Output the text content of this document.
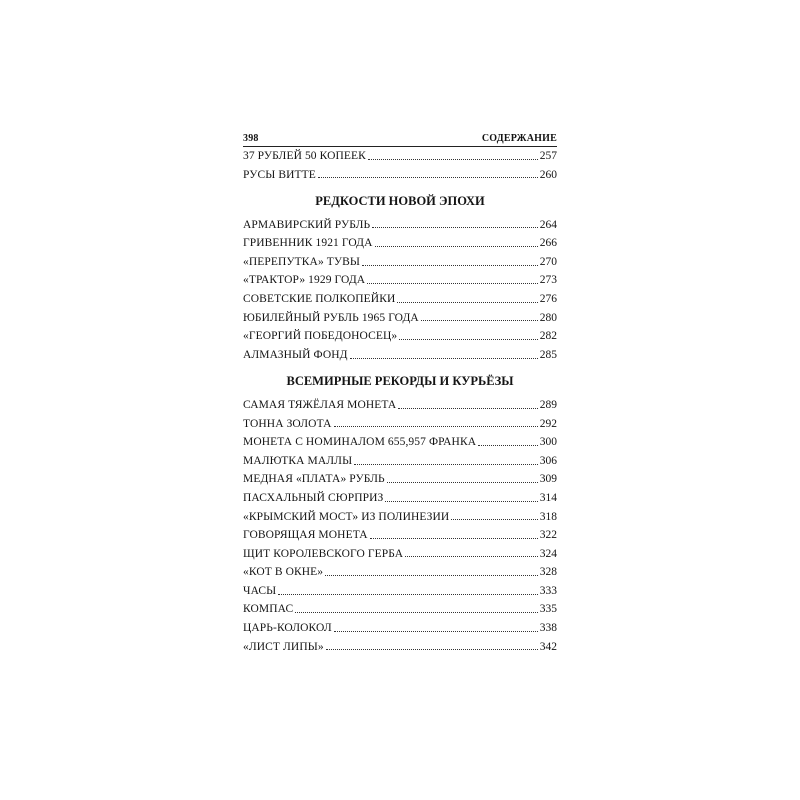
398	СОДЕРЖАНИЕ
37 РУБЛЕЙ 50 КОПЕЕК	257
РУСЫ ВИТТЕ	260
РЕДКОСТИ НОВОЙ ЭПОХИ
АРМАВИРСКИЙ РУБЛЬ	264
ГРИВЕННИК 1921 ГОДА	266
«ПЕРЕПУТКА» ТУВЫ	270
«ТРАКТОР» 1929 ГОДА	273
СОВЕТСКИЕ ПОЛКОПЕЙКИ	276
ЮБИЛЕЙНЫЙ РУБЛЬ 1965 ГОДА	280
«ГЕОРГИЙ ПОБЕДОНОСЕЦ»	282
АЛМАЗНЫЙ ФОНД	285
ВСЕМИРНЫЕ РЕКОРДЫ И КУРЬЁЗЫ
САМАЯ ТЯЖЁЛАЯ МОНЕТА	289
ТОННА ЗОЛОТА	292
МОНЕТА С НОМИНАЛОМ 655,957 ФРАНКА	300
МАЛЮТКА МАЛЛЫ	306
МЕДНАЯ «ПЛАТА» РУБЛЬ	309
ПАСХАЛЬНЫЙ СЮРПРИЗ	314
«КРЫМСКИЙ МОСТ» ИЗ ПОЛИНЕЗИИ	318
ГОВОРЯЩАЯ МОНЕТА	322
ЩИТ КОРОЛЕВСКОГО ГЕРБА	324
«КОТ В ОКНЕ»	328
ЧАСЫ	333
КОМПАС	335
ЦАРЬ-КОЛОКОЛ	338
«ЛИСТ ЛИПЫ»	342
